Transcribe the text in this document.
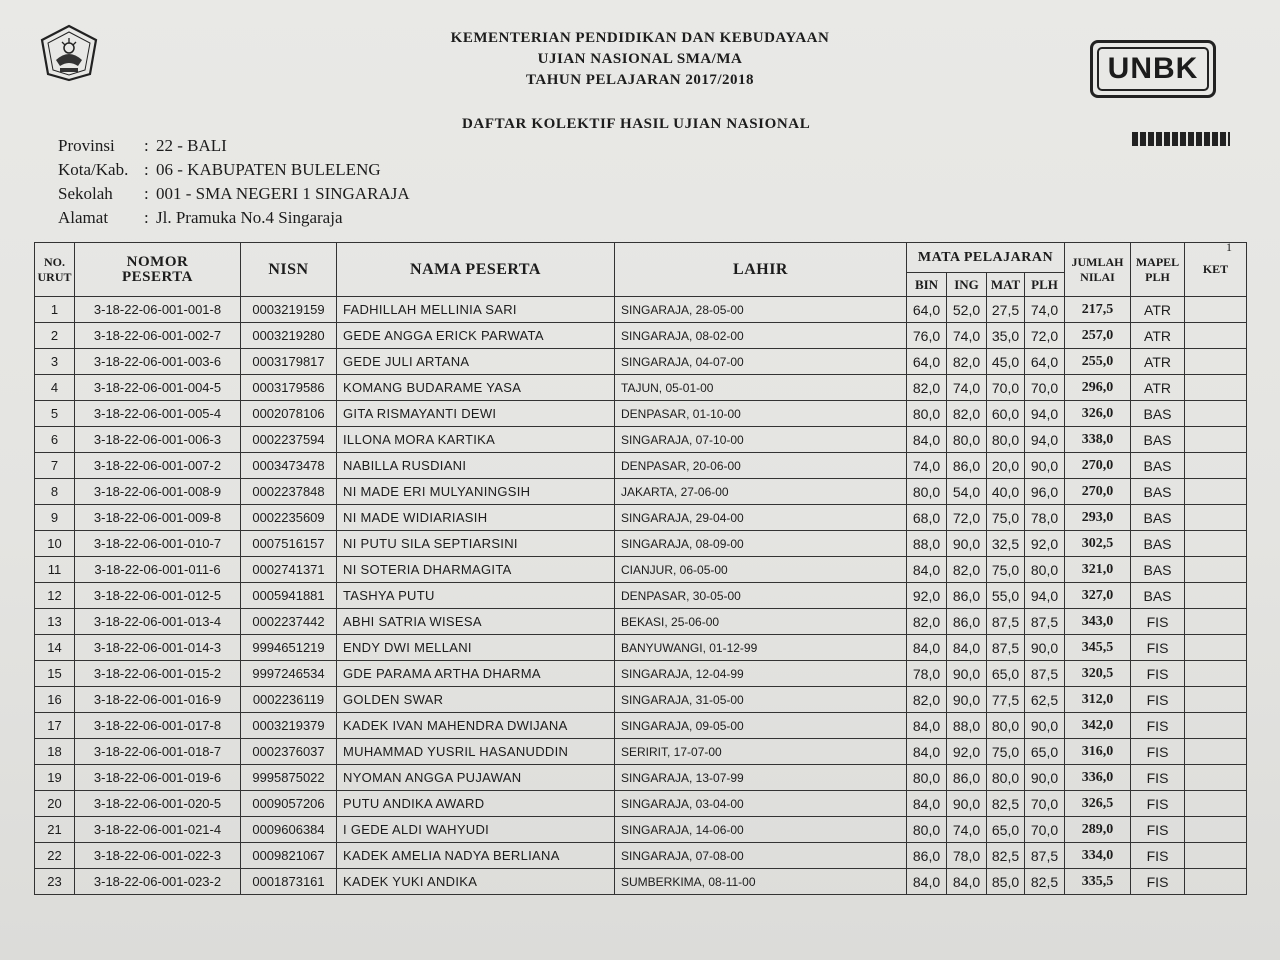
KEMENTERIAN PENDIDIKAN DAN KEBUDAYAAN
UJIAN NASIONAL SMA/MA
TAHUN PELAJARAN 2017/2018	UNBK
DAFTAR KOLEKTIF HASIL UJIAN NASIONAL
Provinsi	: 22 - BALI
Kota/Kab. : 06 - KABUPATEN BULELENG
Sekolah	: 001 - SMA NEGERI 1 SINGARAJA
Alamat	: Jl. Pramuka No.4 Singaraja
1
NO.
URUT	NOMOR
PESERTA	NISN	NAMA PESERTA	LAHIR	MATA PELAJARAN				JUMLAH
NILAI	MAPEL
PLH	KET
					BIN	ING	MAT	PLH			
1	3-18-22-06-001-001-8	0003219159	FADHILLAH MELLINIA SARI	SINGARAJA, 28-05-00	64,0	52,0	27,5	74,0	217,5	ATR	
2	3-18-22-06-001-002-7	0003219280	GEDE ANGGA ERICK PARWATA	SINGARAJA, 08-02-00	76,0	74,0	35,0	72,0	257,0	ATR	
3	3-18-22-06-001-003-6	0003179817	GEDE JULI ARTANA	SINGARAJA, 04-07-00	64,0	82,0	45,0	64,0	255,0	ATR	
4	3-18-22-06-001-004-5	0003179586	KOMANG BUDARAME YASA	TAJUN, 05-01-00	82,0	74,0	70,0	70,0	296,0	ATR	
5	3-18-22-06-001-005-4	0002078106	GITA RISMAYANTI DEWI	DENPASAR, 01-10-00	80,0	82,0	60,0	94,0	326,0	BAS	
6	3-18-22-06-001-006-3	0002237594	ILLONA MORA KARTIKA	SINGARAJA, 07-10-00	84,0	80,0	80,0	94,0	338,0	BAS	
7	3-18-22-06-001-007-2	0003473478	NABILLA RUSDIANI	DENPASAR, 20-06-00	74,0	86,0	20,0	90,0	270,0	BAS	
8	3-18-22-06-001-008-9	0002237848	NI MADE ERI MULYANINGSIH	JAKARTA, 27-06-00	80,0	54,0	40,0	96,0	270,0	BAS	
9	3-18-22-06-001-009-8	0002235609	NI MADE WIDIARIASIH	SINGARAJA, 29-04-00	68,0	72,0	75,0	78,0	293,0	BAS	
10	3-18-22-06-001-010-7	0007516157	NI PUTU SILA SEPTIARSINI	SINGARAJA, 08-09-00	88,0	90,0	32,5	92,0	302,5	BAS	
11	3-18-22-06-001-011-6	0002741371	NI SOTERIA DHARMAGITA	CIANJUR, 06-05-00	84,0	82,0	75,0	80,0	321,0	BAS	
12	3-18-22-06-001-012-5	0005941881	TASHYA PUTU	DENPASAR, 30-05-00	92,0	86,0	55,0	94,0	327,0	BAS	
13	3-18-22-06-001-013-4	0002237442	ABHI SATRIA WISESA	BEKASI, 25-06-00	82,0	86,0	87,5	87,5	343,0	FIS	
14	3-18-22-06-001-014-3	9994651219	ENDY DWI MELLANI	BANYUWANGI, 01-12-99	84,0	84,0	87,5	90,0	345,5	FIS	
15	3-18-22-06-001-015-2	9997246534	GDE PARAMA ARTHA DHARMA	SINGARAJA, 12-04-99	78,0	90,0	65,0	87,5	320,5	FIS	
16	3-18-22-06-001-016-9	0002236119	GOLDEN SWAR	SINGARAJA, 31-05-00	82,0	90,0	77,5	62,5	312,0	FIS	
17	3-18-22-06-001-017-8	0003219379	KADEK IVAN MAHENDRA DWIJANA	SINGARAJA, 09-05-00	84,0	88,0	80,0	90,0	342,0	FIS	
18	3-18-22-06-001-018-7	0002376037	MUHAMMAD YUSRIL HASANUDDIN	SERIRIT, 17-07-00	84,0	92,0	75,0	65,0	316,0	FIS	
19	3-18-22-06-001-019-6	9995875022	NYOMAN ANGGA PUJAWAN	SINGARAJA, 13-07-99	80,0	86,0	80,0	90,0	336,0	FIS	
20	3-18-22-06-001-020-5	0009057206	PUTU ANDIKA AWARD	SINGARAJA, 03-04-00	84,0	90,0	82,5	70,0	326,5	FIS	
21	3-18-22-06-001-021-4	0009606384	I GEDE ALDI WAHYUDI	SINGARAJA, 14-06-00	80,0	74,0	65,0	70,0	289,0	FIS	
22	3-18-22-06-001-022-3	0009821067	KADEK AMELIA NADYA BERLIANA	SINGARAJA, 07-08-00	86,0	78,0	82,5	87,5	334,0	FIS	
23	3-18-22-06-001-023-2	0001873161	KADEK YUKI ANDIKA	SUMBERKIMA, 08-11-00	84,0	84,0	85,0	82,5	335,5	FIS	
